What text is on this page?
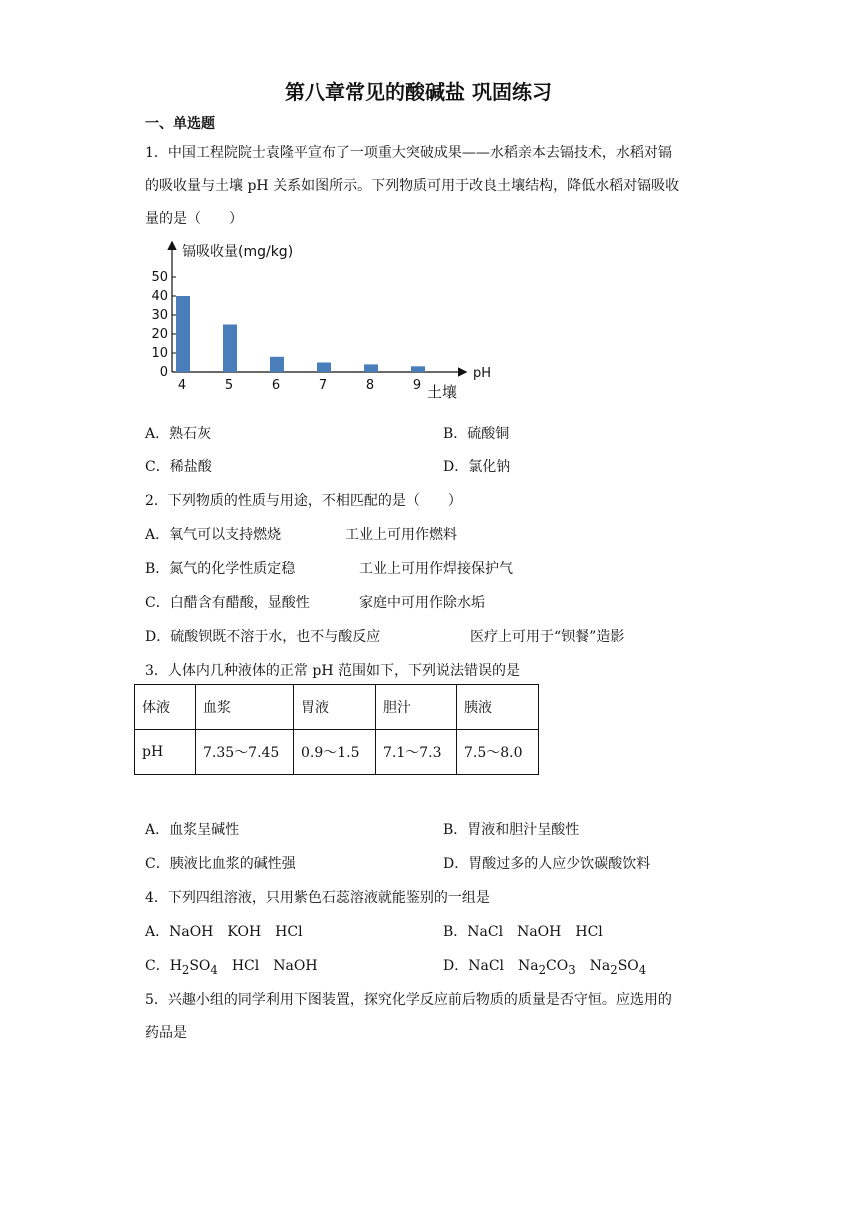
第八章常见的酸碱盐 巩固练习
一、单选题
1．中国工程院院士袁隆平宣布了一项重大突破成果——水稻亲本去镉技术，水稻对镉
的吸收量与土壤 pH 关系如图所示。下列物质可用于改良土壤结构，降低水稻对镉吸收
量的是（　　）
镉吸收量(mg/kg)
pH
土壤
0
10
20
30
40
50
4	5	6	7	8	9
A．熟石灰	B．硫酸铜
C．稀盐酸	D．氯化钠
2．下列物质的性质与用途，不相匹配的是（　　）
A．氧气可以支持燃烧	工业上可用作燃料
B．氮气的化学性质定稳	工业上可用作焊接保护气
C．白醋含有醋酸，显酸性	家庭中可用作除水垢
D．硫酸钡既不溶于水，也不与酸反应	医疗上可用于“钡餐”造影
3．人体内几种液体的正常 pH 范围如下，下列说法错误的是
体液	血浆	胃液	胆汁	胰液
pH	7.35～7.45	0.9～1.5	7.1～7.3	7.5～8.0
A．血浆呈碱性	B．胃液和胆汁呈酸性
C．胰液比血浆的碱性强	D．胃酸过多的人应少饮碳酸饮料
4．下列四组溶液，只用紫色石蕊溶液就能鉴别的一组是
A．NaOH　KOH　HCl	B．NaCl　NaOH　HCl
C．$H_2SO_4$　HCl　NaOH	D．NaCl　$Na_2CO_3$　$Na_2SO_4$
5．兴趣小组的同学利用下图装置，探究化学反应前后物质的质量是否守恒。应选用的
药品是
